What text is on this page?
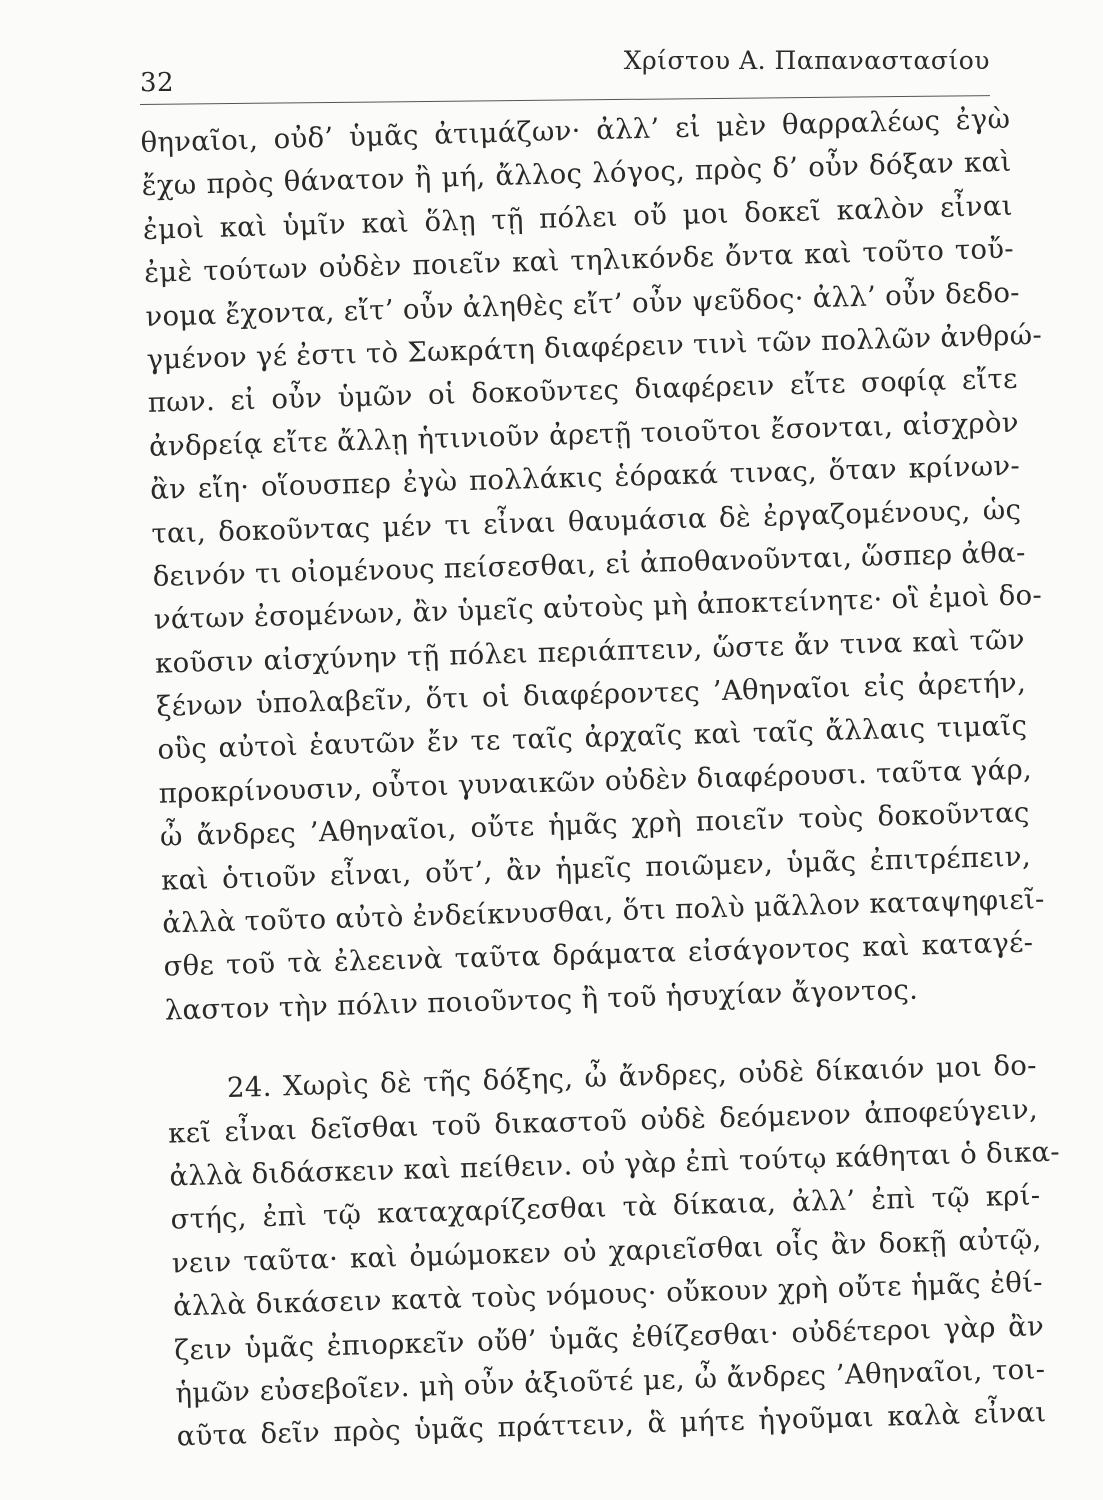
32
Χρίστου Α. Παπαναστασίου
θηναῖοι, οὐδ’ ὑμᾶς ἀτιμάζων· ἀλλ’ εἰ μὲν θαρραλέως ἐγὼ
ἔχω πρὸς θάνατον ἢ μή, ἄλλος λόγος, πρὸς δ’ οὖν δόξαν καὶ
ἐμοὶ καὶ ὑμῖν καὶ ὅλῃ τῇ πόλει οὔ μοι δοκεῖ καλὸν εἶναι
ἐμὲ τούτων οὐδὲν ποιεῖν καὶ τηλικόνδε ὄντα καὶ τοῦτο τοὔ-
νομα ἔχοντα, εἴτ’ οὖν ἀληθὲς εἴτ’ οὖν ψεῦδος· ἀλλ’ οὖν δεδο-
γμένον γέ ἐστι τὸ Σωκράτη διαφέρειν τινὶ τῶν πολλῶν ἀνθρώ-
πων. εἰ οὖν ὑμῶν οἱ δοκοῦντες διαφέρειν εἴτε σοφίᾳ εἴτε
ἀνδρείᾳ εἴτε ἄλλῃ ἡτινιοῦν ἀρετῇ τοιοῦτοι ἔσονται, αἰσχρὸν
ἂν εἴη· οἵουσπερ ἐγὼ πολλάκις ἑόρακά τινας, ὅταν κρίνων-
ται, δοκοῦντας μέν τι εἶναι θαυμάσια δὲ ἐργαζομένους, ὡς
δεινόν τι οἰομένους πείσεσθαι, εἰ ἀποθανοῦνται, ὥσπερ ἀθα-
νάτων ἐσομένων, ἂν ὑμεῖς αὐτοὺς μὴ ἀποκτείνητε· οἳ ἐμοὶ δο-
κοῦσιν αἰσχύνην τῇ πόλει περιάπτειν, ὥστε ἄν τινα καὶ τῶν
ξένων ὑπολαβεῖν, ὅτι οἱ διαφέροντες ’Αθηναῖοι εἰς ἀρετήν,
οὓς αὐτοὶ ἑαυτῶν ἔν τε ταῖς ἀρχαῖς καὶ ταῖς ἄλλαις τιμαῖς
προκρίνουσιν, οὗτοι γυναικῶν οὐδὲν διαφέρουσι. ταῦτα γάρ,
ὦ ἄνδρες ’Αθηναῖοι, οὔτε ἡμᾶς χρὴ ποιεῖν τοὺς δοκοῦντας
καὶ ὁτιοῦν εἶναι, οὔτ’, ἂν ἡμεῖς ποιῶμεν, ὑμᾶς ἐπιτρέπειν,
ἀλλὰ τοῦτο αὐτὸ ἐνδείκνυσθαι, ὅτι πολὺ μᾶλλον καταψηφιεῖ-
σθε τοῦ τὰ ἐλεεινὰ ταῦτα δράματα εἰσάγοντος καὶ καταγέ-
λαστον τὴν πόλιν ποιοῦντος ἢ τοῦ ἡσυχίαν ἄγοντος.
24. Χωρὶς δὲ τῆς δόξης, ὦ ἄνδρες, οὐδὲ δίκαιόν μοι δο-
κεῖ εἶναι δεῖσθαι τοῦ δικαστοῦ οὐδὲ δεόμενον ἀποφεύγειν,
ἀλλὰ διδάσκειν καὶ πείθειν. οὐ γὰρ ἐπὶ τούτῳ κάθηται ὁ δικα-
στής, ἐπὶ τῷ καταχαρίζεσθαι τὰ δίκαια, ἀλλ’ ἐπὶ τῷ κρί-
νειν ταῦτα· καὶ ὀμώμοκεν οὐ χαριεῖσθαι οἷς ἂν δοκῇ αὐτῷ,
ἀλλὰ δικάσειν κατὰ τοὺς νόμους· οὔκουν χρὴ οὔτε ἡμᾶς ἐθί-
ζειν ὑμᾶς ἐπιορκεῖν οὔθ’ ὑμᾶς ἐθίζεσθαι· οὐδέτεροι γὰρ ἂν
ἡμῶν εὐσεβοῖεν. μὴ οὖν ἀξιοῦτέ με, ὦ ἄνδρες ’Αθηναῖοι, τοι-
αῦτα δεῖν πρὸς ὑμᾶς πράττειν, ἃ μήτε ἡγοῦμαι καλὰ εἶναι
